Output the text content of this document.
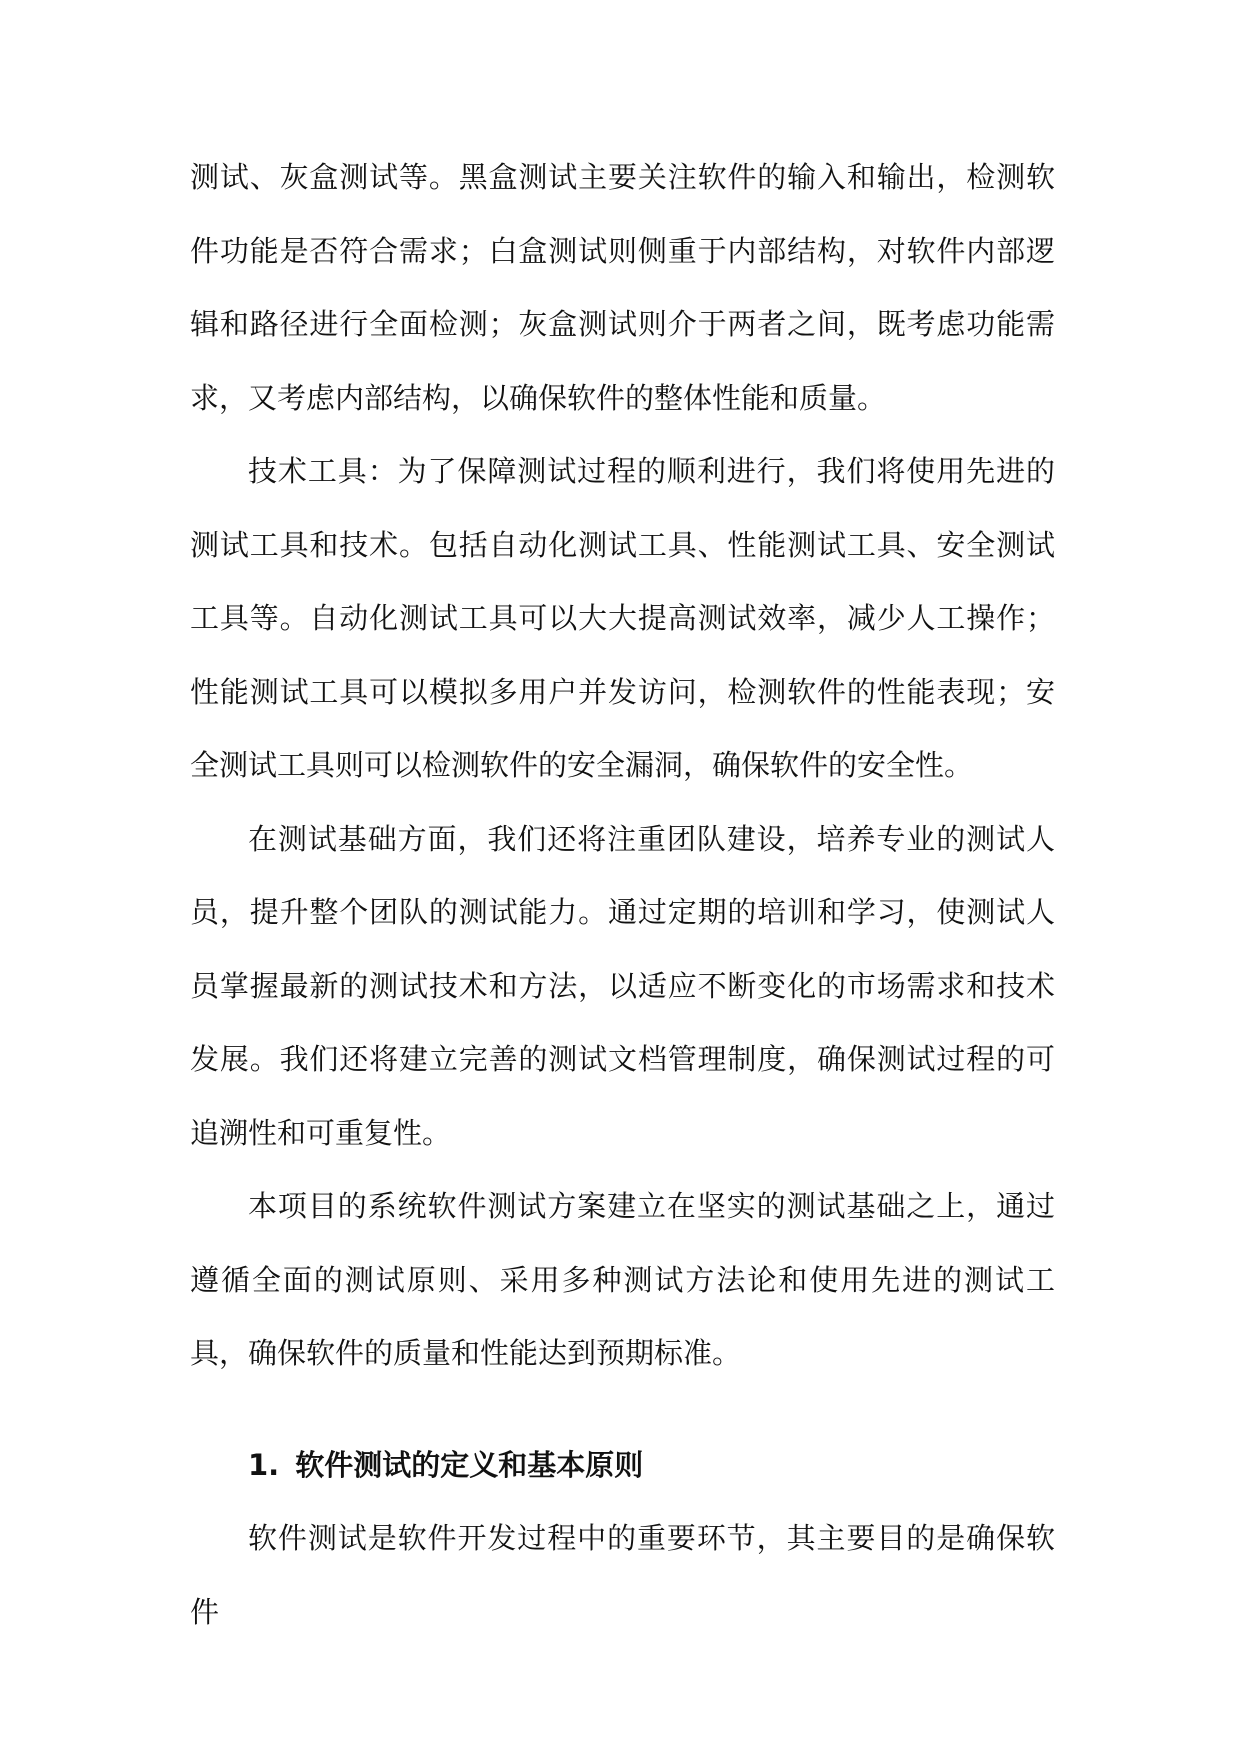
测试、灰盒测试等。黑盒测试主要关注软件的输入和输出，检测软件功能是否符合需求；白盒测试则侧重于内部结构，对软件内部逻辑和路径进行全面检测；灰盒测试则介于两者之间，既考虑功能需求，又考虑内部结构，以确保软件的整体性能和质量。

技术工具：为了保障测试过程的顺利进行，我们将使用先进的测试工具和技术。包括自动化测试工具、性能测试工具、安全测试工具等。自动化测试工具可以大大提高测试效率，减少人工操作；性能测试工具可以模拟多用户并发访问，检测软件的性能表现；安全测试工具则可以检测软件的安全漏洞，确保软件的安全性。

在测试基础方面，我们还将注重团队建设，培养专业的测试人员，提升整个团队的测试能力。通过定期的培训和学习，使测试人员掌握最新的测试技术和方法，以适应不断变化的市场需求和技术发展。我们还将建立完善的测试文档管理制度，确保测试过程的可追溯性和可重复性。

本项目的系统软件测试方案建立在坚实的测试基础之上，通过遵循全面的测试原则、采用多种测试方法论和使用先进的测试工具，确保软件的质量和性能达到预期标准。

1. 软件测试的定义和基本原则

软件测试是软件开发过程中的重要环节，其主要目的是确保软件
